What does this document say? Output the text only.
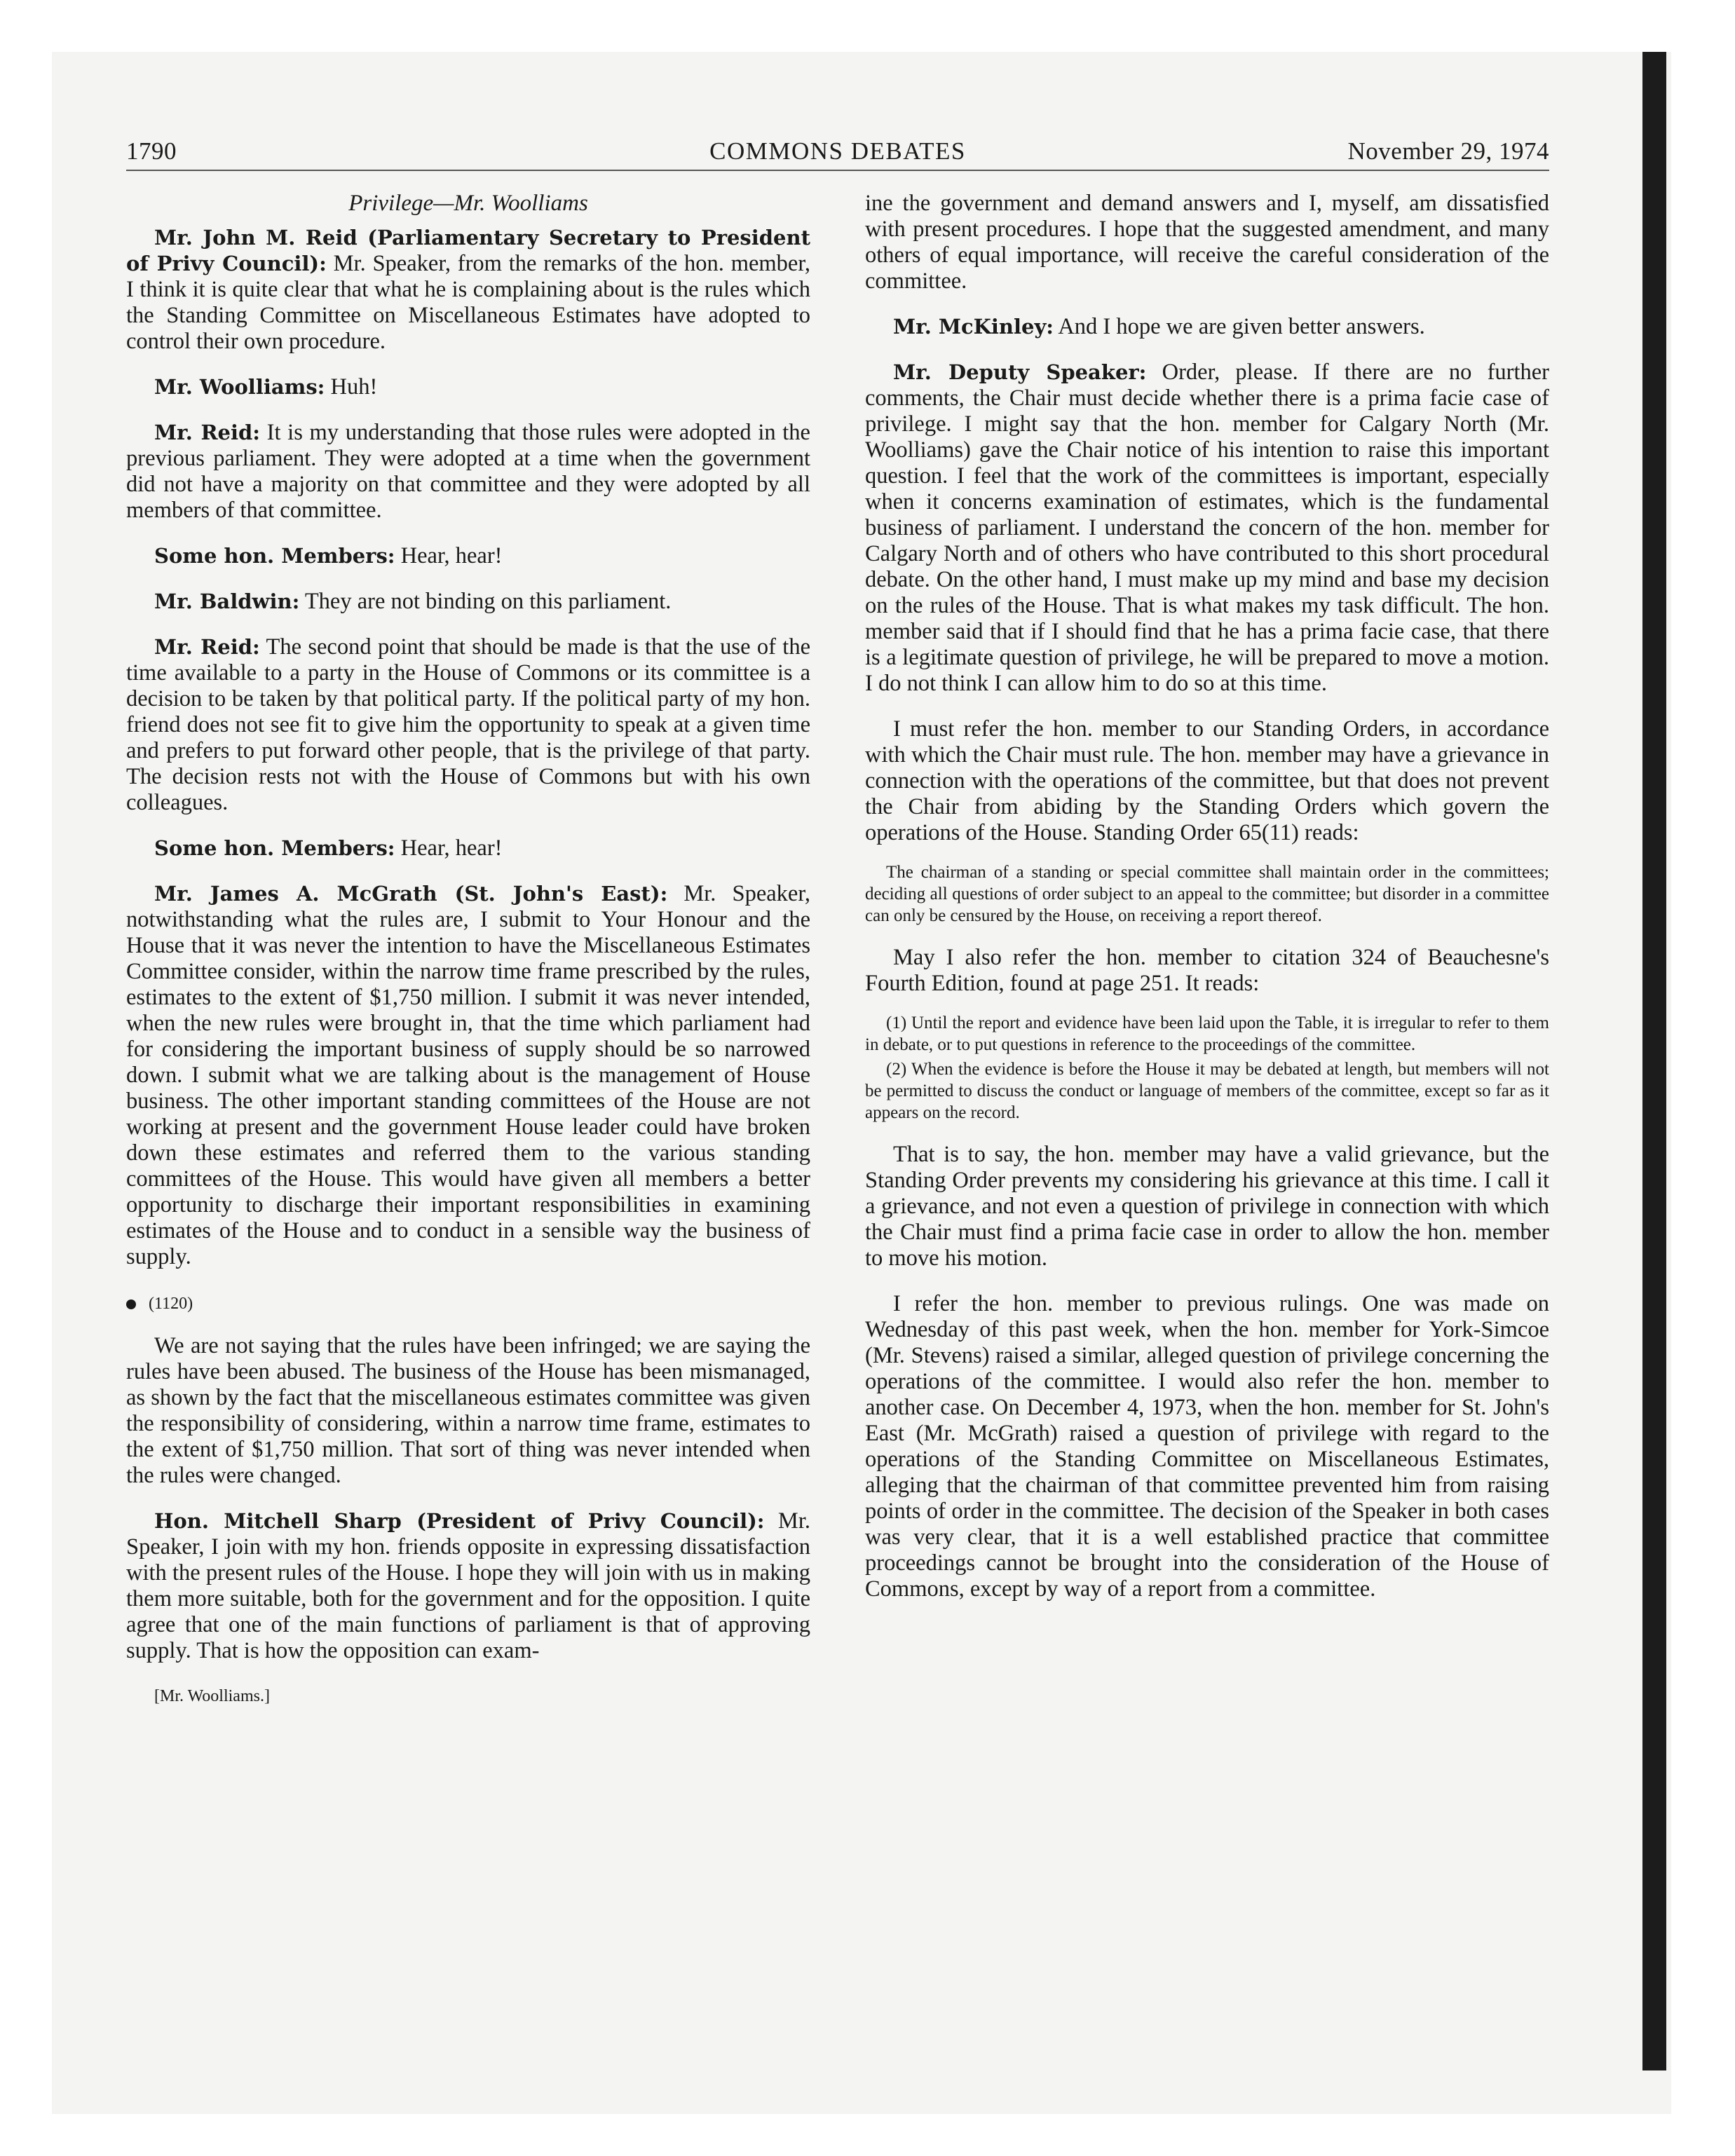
1790	COMMONS DEBATES	November 29, 1974
Privilege—Mr. Woolliams

Mr. John M. Reid (Parliamentary Secretary to President of Privy Council): Mr. Speaker, from the remarks of the hon. member, I think it is quite clear that what he is complaining about is the rules which the Standing Committee on Miscellaneous Estimates have adopted to control their own procedure.

Mr. Woolliams: Huh!

Mr. Reid: It is my understanding that those rules were adopted in the previous parliament. They were adopted at a time when the government did not have a majority on that committee and they were adopted by all members of that committee.

Some hon. Members: Hear, hear!

Mr. Baldwin: They are not binding on this parliament.

Mr. Reid: The second point that should be made is that the use of the time available to a party in the House of Commons or its committee is a decision to be taken by that political party. If the political party of my hon. friend does not see fit to give him the opportunity to speak at a given time and prefers to put forward other people, that is the privilege of that party. The decision rests not with the House of Commons but with his own colleagues.

Some hon. Members: Hear, hear!

Mr. James A. McGrath (St. John's East): Mr. Speaker, notwithstanding what the rules are, I submit to Your Honour and the House that it was never the intention to have the Miscellaneous Estimates Committee consider, within the narrow time frame prescribed by the rules, estimates to the extent of $1,750 million. I submit it was never intended, when the new rules were brought in, that the time which parliament had for considering the important business of supply should be so narrowed down. I submit what we are talking about is the management of House business. The other important standing committees of the House are not working at present and the government House leader could have broken down these estimates and referred them to the various standing committees of the House. This would have given all members a better opportunity to discharge their important responsibilities in examining estimates of the House and to conduct in a sensible way the business of supply.

(1120)

We are not saying that the rules have been infringed; we are saying the rules have been abused. The business of the House has been mismanaged, as shown by the fact that the miscellaneous estimates committee was given the responsibility of considering, within a narrow time frame, estimates to the extent of $1,750 million. That sort of thing was never intended when the rules were changed.

Hon. Mitchell Sharp (President of Privy Council): Mr. Speaker, I join with my hon. friends opposite in expressing dissatisfaction with the present rules of the House. I hope they will join with us in making them more suitable, both for the government and for the opposition. I quite agree that one of the main functions of parliament is that of approving supply. That is how the opposition can exam-

[Mr. Woolliams.]

ine the government and demand answers and I, myself, am dissatisfied with present procedures. I hope that the suggested amendment, and many others of equal importance, will receive the careful consideration of the committee.

Mr. McKinley: And I hope we are given better answers.

Mr. Deputy Speaker: Order, please. If there are no further comments, the Chair must decide whether there is a prima facie case of privilege. I might say that the hon. member for Calgary North (Mr. Woolliams) gave the Chair notice of his intention to raise this important question. I feel that the work of the committees is important, especially when it concerns examination of estimates, which is the fundamental business of parliament. I understand the concern of the hon. member for Calgary North and of others who have contributed to this short procedural debate. On the other hand, I must make up my mind and base my decision on the rules of the House. That is what makes my task difficult. The hon. member said that if I should find that he has a prima facie case, that there is a legitimate question of privilege, he will be prepared to move a motion. I do not think I can allow him to do so at this time.

I must refer the hon. member to our Standing Orders, in accordance with which the Chair must rule. The hon. member may have a grievance in connection with the operations of the committee, but that does not prevent the Chair from abiding by the Standing Orders which govern the operations of the House. Standing Order 65(11) reads:

The chairman of a standing or special committee shall maintain order in the committees; deciding all questions of order subject to an appeal to the committee; but disorder in a committee can only be censured by the House, on receiving a report thereof.

May I also refer the hon. member to citation 324 of Beauchesne's Fourth Edition, found at page 251. It reads:

(1) Until the report and evidence have been laid upon the Table, it is irregular to refer to them in debate, or to put questions in reference to the proceedings of the committee.
(2) When the evidence is before the House it may be debated at length, but members will not be permitted to discuss the conduct or language of members of the committee, except so far as it appears on the record.

That is to say, the hon. member may have a valid grievance, but the Standing Order prevents my considering his grievance at this time. I call it a grievance, and not even a question of privilege in connection with which the Chair must find a prima facie case in order to allow the hon. member to move his motion.

I refer the hon. member to previous rulings. One was made on Wednesday of this past week, when the hon. member for York-Simcoe (Mr. Stevens) raised a similar, alleged question of privilege concerning the operations of the committee. I would also refer the hon. member to another case. On December 4, 1973, when the hon. member for St. John's East (Mr. McGrath) raised a question of privilege with regard to the operations of the Standing Committee on Miscellaneous Estimates, alleging that the chairman of that committee prevented him from raising points of order in the committee. The decision of the Speaker in both cases was very clear, that it is a well established practice that committee proceedings cannot be brought into the consideration of the House of Commons, except by way of a report from a committee.
